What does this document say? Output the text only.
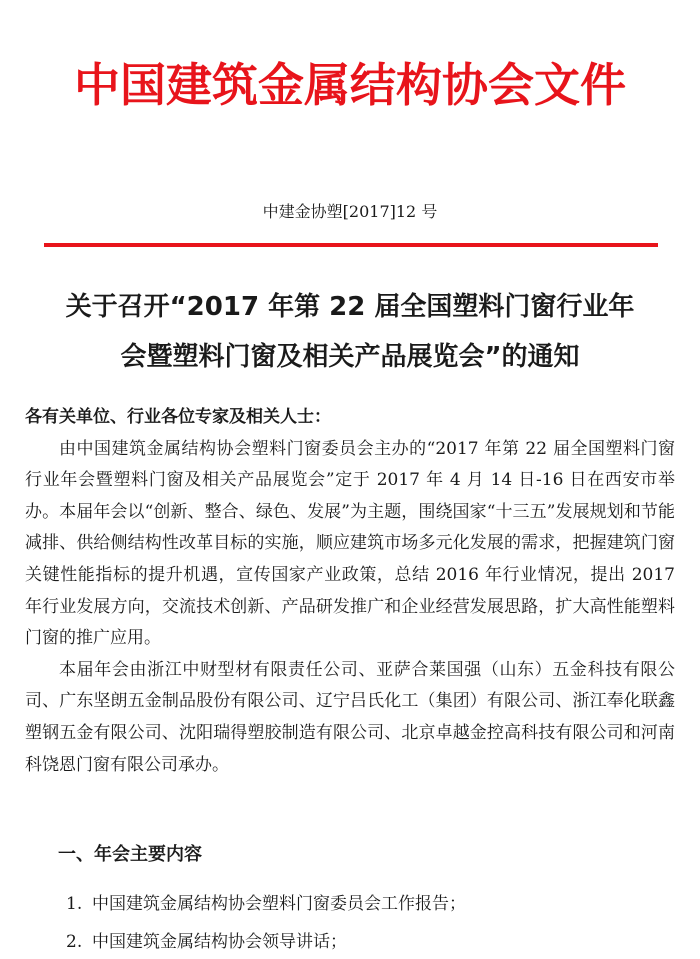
中国建筑金属结构协会文件
中建金协塑[2017]12 号
关于召开“2017 年第 22 届全国塑料门窗行业年
会暨塑料门窗及相关产品展览会”的通知

各有关单位、行业各位专家及相关人士：

由中国建筑金属结构协会塑料门窗委员会主办的“2017 年第 22 届全国塑料门窗行业年会暨塑料门窗及相关产品展览会”定于 2017 年 4 月 14 日-16 日在西安市举办。本届年会以“创新、整合、绿色、发展”为主题，围绕国家“十三五”发展规划和节能减排、供给侧结构性改革目标的实施，顺应建筑市场多元化发展的需求，把握建筑门窗关键性能指标的提升机遇，宣传国家产业政策，总结 2016 年行业情况，提出 2017 年行业发展方向，交流技术创新、产品研发推广和企业经营发展思路，扩大高性能塑料门窗的推广应用。

本届年会由浙江中财型材有限责任公司、亚萨合莱国强（山东）五金科技有限公司、广东坚朗五金制品股份有限公司、辽宁吕氏化工（集团）有限公司、浙江奉化联鑫塑钢五金有限公司、沈阳瑞得塑胶制造有限公司、北京卓越金控高科技有限公司和河南科饶恩门窗有限公司承办。

一、年会主要内容
1. 中国建筑金属结构协会塑料门窗委员会工作报告；
2. 中国建筑金属结构协会领导讲话；
